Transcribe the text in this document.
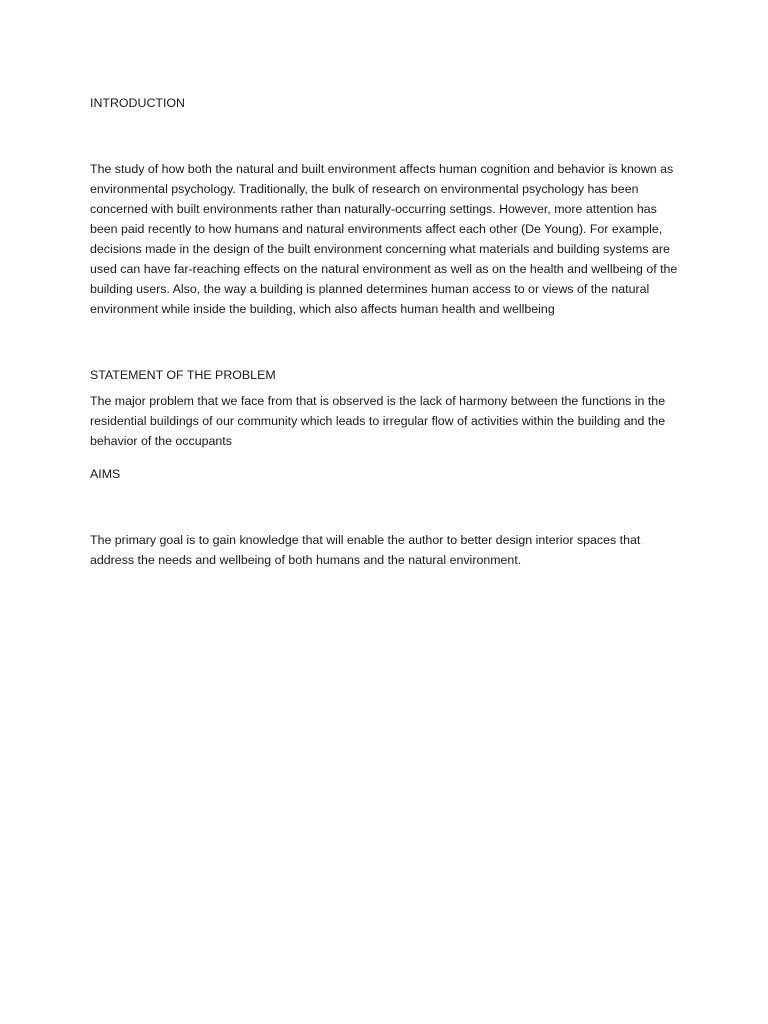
INTRODUCTION

The study of how both the natural and built environment affects human cognition and behavior is known as environmental psychology. Traditionally, the bulk of research on environmental psychology has been concerned with built environments rather than naturally-occurring settings. However, more attention has been paid recently to how humans and natural environments affect each other (De Young). For example, decisions made in the design of the built environment concerning what materials and building systems are used can have far-reaching effects on the natural environment as well as on the health and wellbeing of the building users. Also, the way a building is planned determines human access to or views of the natural environment while inside the building, which also affects human health and wellbeing

STATEMENT OF THE PROBLEM

The major problem that we face from that is observed is the lack of harmony between the functions in the residential buildings of our community which leads to irregular flow of activities within the building and the behavior of the occupants

AIMS

The primary goal is to gain knowledge that will enable the author to better design interior spaces that address the needs and wellbeing of both humans and the natural environment.
